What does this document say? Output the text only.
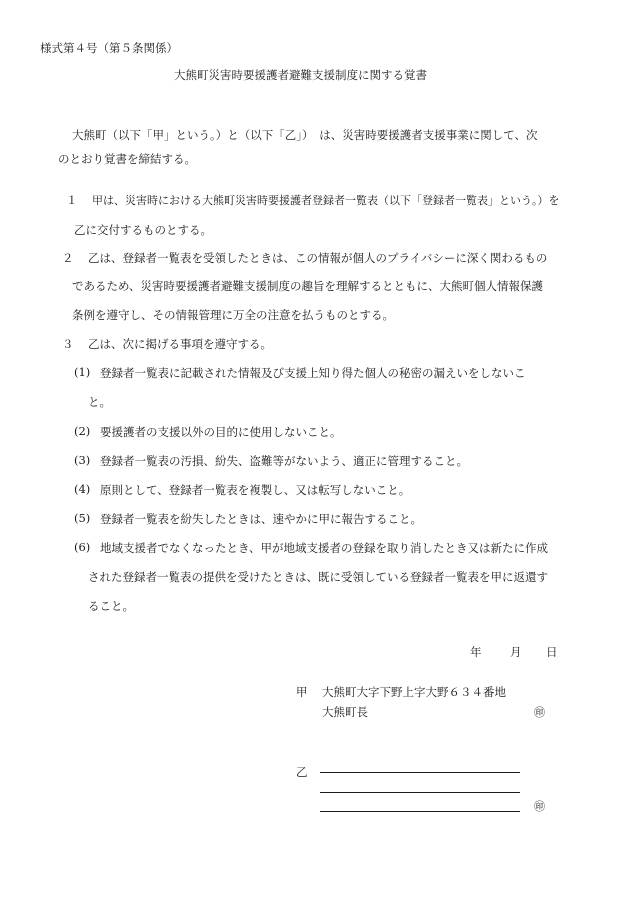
様式第４号（第５条関係）
大熊町災害時要援護者避難支援制度に関する覚書
大熊町（以下「甲」という。）と（以下「乙」）　は、災害時要援護者支援事業に関して、次
のとおり覚書を締結する。
１ 甲は、災害時における大熊町災害時要援護者登録者一覧表（以下「登録者一覧表」という。）を
乙に交付するものとする。
２ 乙は、登録者一覧表を受領したときは、この情報が個人のプライバシーに深く関わるもの
であるため、災害時要援護者避難支援制度の趣旨を理解するとともに、大熊町個人情報保護
条例を遵守し、その情報管理に万全の注意を払うものとする。
３ 乙は、次に掲げる事項を遵守する。
(1) 登録者一覧表に記載された情報及び支援上知り得た個人の秘密の漏えいをしないこ
と。
(2) 要援護者の支援以外の目的に使用しないこと。
(3) 登録者一覧表の汚損、紛失、盗難等がないよう、適正に管理すること。
(4) 原則として、登録者一覧表を複製し、又は転写しないこと。
(5) 登録者一覧表を紛失したときは、速やかに甲に報告すること。
(6) 地域支援者でなくなったとき、甲が地域支援者の登録を取り消したとき又は新たに作成
された登録者一覧表の提供を受けたときは、既に受領している登録者一覧表を甲に返還す
ること。
年 月 日
甲 大熊町大字下野上字大野６３４番地
大熊町長	㊞
乙
㊞
